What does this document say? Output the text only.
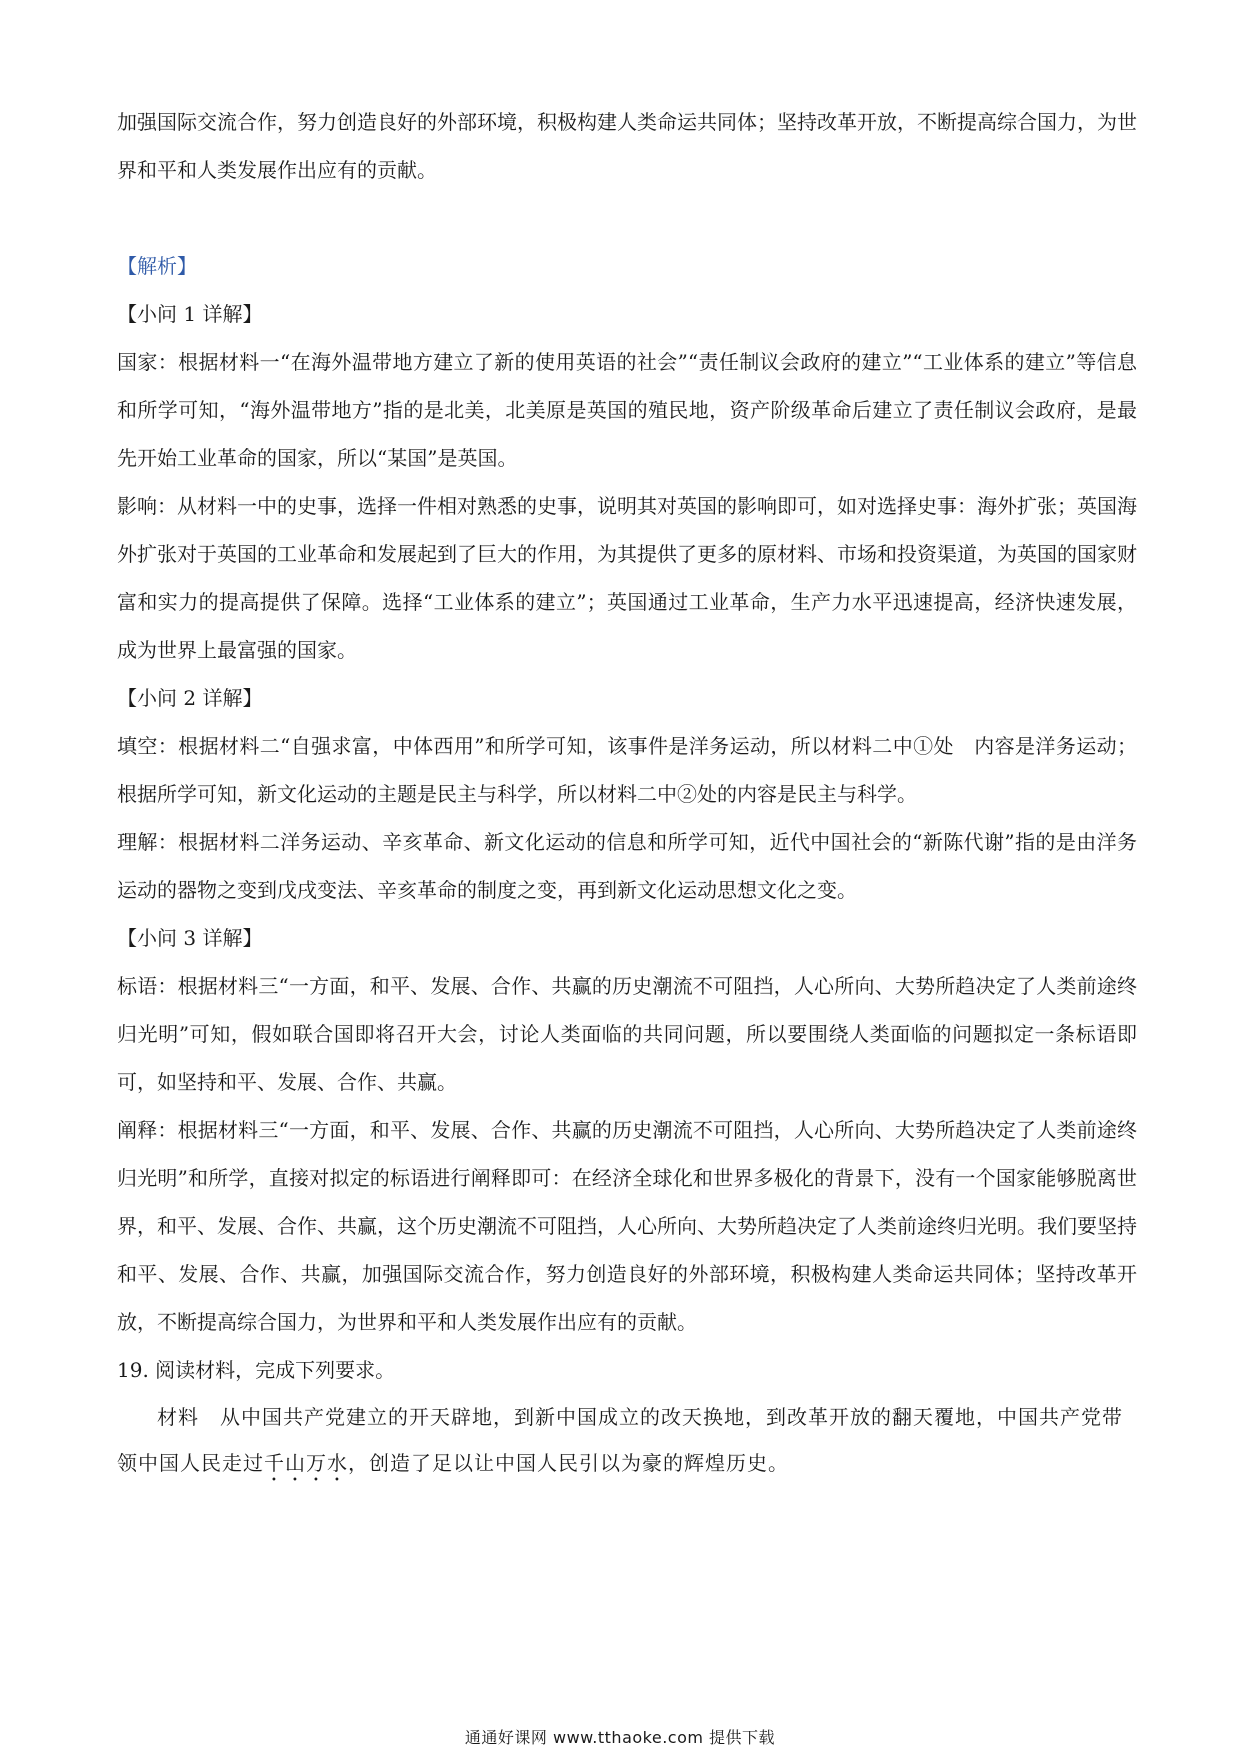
加强国际交流合作，努力创造良好的外部环境，积极构建人类命运共同体；坚持改革开放，不断提高综合国力，为世界和平和人类发展作出应有的贡献。

【解析】

【小问 1 详解】

国家：根据材料一“在海外温带地方建立了新的使用英语的社会”“责任制议会政府的建立”“工业体系的建立”等信息和所学可知，“海外温带地方”指的是北美，北美原是英国的殖民地，资产阶级革命后建立了责任制议会政府，是最先开始工业革命的国家，所以“某国”是英国。

影响：从材料一中的史事，选择一件相对熟悉的史事，说明其对英国的影响即可，如对选择史事：海外扩张；英国海外扩张对于英国的工业革命和发展起到了巨大的作用，为其提供了更多的原材料、市场和投资渠道，为英国的国家财富和实力的提高提供了保障。选择“工业体系的建立”；英国通过工业革命，生产力水平迅速提高，经济快速发展，成为世界上最富强的国家。

【小问 2 详解】

填空：根据材料二“自强求富，中体西用”和所学可知，该事件是洋务运动，所以材料二中①处　内容是洋务运动；根据所学可知，新文化运动的主题是民主与科学，所以材料二中②处的内容是民主与科学。

理解：根据材料二洋务运动、辛亥革命、新文化运动的信息和所学可知，近代中国社会的“新陈代谢”指的是由洋务运动的器物之变到戊戌变法、辛亥革命的制度之变，再到新文化运动思想文化之变。

【小问 3 详解】

标语：根据材料三“一方面，和平、发展、合作、共赢的历史潮流不可阻挡，人心所向、大势所趋决定了人类前途终归光明”可知，假如联合国即将召开大会，讨论人类面临的共同问题，所以要围绕人类面临的问题拟定一条标语即可，如坚持和平、发展、合作、共赢。

阐释：根据材料三“一方面，和平、发展、合作、共赢的历史潮流不可阻挡，人心所向、大势所趋决定了人类前途终归光明”和所学，直接对拟定的标语进行阐释即可：在经济全球化和世界多极化的背景下，没有一个国家能够脱离世界，和平、发展、合作、共赢，这个历史潮流不可阻挡，人心所向、大势所趋决定了人类前途终归光明。我们要坚持和平、发展、合作、共赢，加强国际交流合作，努力创造良好的外部环境，积极构建人类命运共同体；坚持改革开放，不断提高综合国力，为世界和平和人类发展作出应有的贡献。

19. 阅读材料，完成下列要求。

材料　从中国共产党建立的开天辟地，到新中国成立的改天换地，到改革开放的翻天覆地，中国共产党带领中国人民走过千山万水，创造了足以让中国人民引以为豪的辉煌历史。

通通好课网 www.tthaoke.com 提供下载
